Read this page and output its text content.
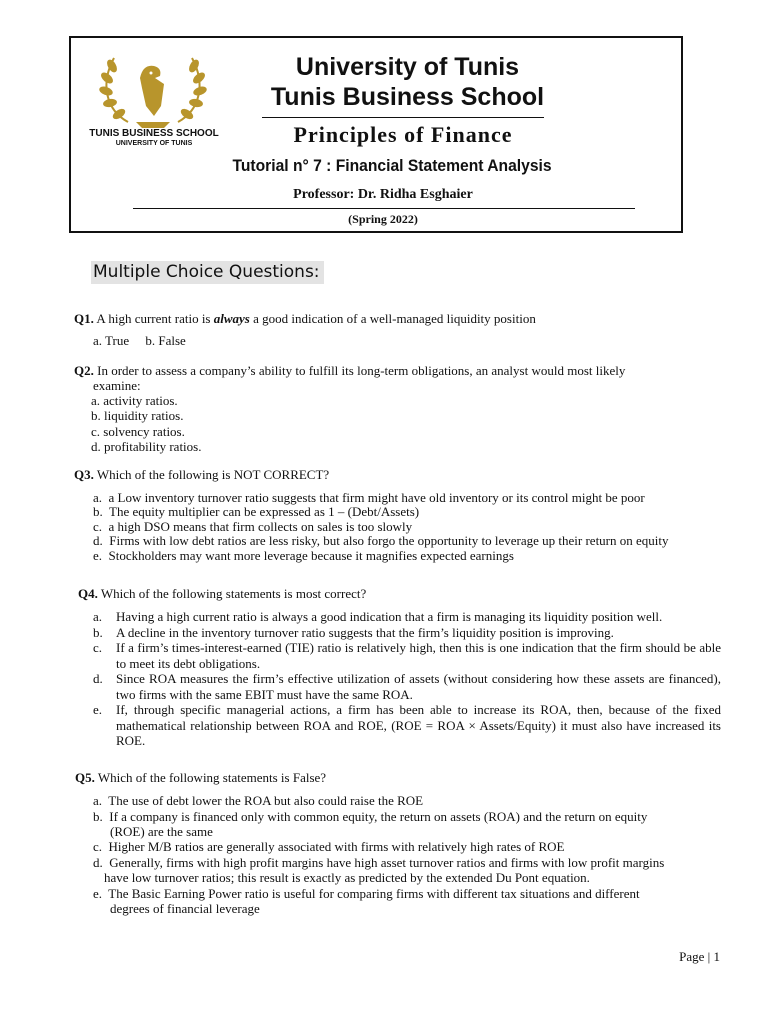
TUNIS BUSINESS SCHOOL
UNIVERSITY OF TUNIS
University of Tunis
Tunis Business School
Principles of Finance
Tutorial n° 7 : Financial Statement Analysis
Professor: Dr. Ridha Esghaier
(Spring 2022)
Multiple Choice Questions:
Q1. A high current ratio is always a good indication of a well-managed liquidity position
a. True     b. False
Q2. In order to assess a company’s ability to fulfill its long-term obligations, an analyst would most likely
examine:
a. activity ratios.
b. liquidity ratios.
c. solvency ratios.
d. profitability ratios.
Q3. Which of the following is NOT CORRECT?
a.  a Low inventory turnover ratio suggests that firm might have old inventory or its control might be poor
b.  The equity multiplier can be expressed as 1 – (Debt/Assets)
c.  a high DSO means that firm collects on sales is too slowly
d.  Firms with low debt ratios are less risky, but also forgo the opportunity to leverage up their return on equity
e.  Stockholders may want more leverage because it magnifies expected earnings
Q4. Which of the following statements is most correct?
a. Having a high current ratio is always a good indication that a firm is managing its liquidity position well.
b. A decline in the inventory turnover ratio suggests that the firm’s liquidity position is improving.
c. If a firm’s times-interest-earned (TIE) ratio is relatively high, then this is one indication that the firm should be able to meet its debt obligations.
d. Since ROA measures the firm’s effective utilization of assets (without considering how these assets are financed), two firms with the same EBIT must have the same ROA.
e. If, through specific managerial actions, a firm has been able to increase its ROA, then, because of the fixed mathematical relationship between ROA and ROE, (ROE = ROA × Assets/Equity) it must also have increased its ROE.
Q5. Which of the following statements is False?
a.  The use of debt lower the ROA but also could raise the ROE
b.  If a company is financed only with common equity, the return on assets (ROA) and the return on equity
(ROE) are the same
c.  Higher M/B ratios are generally associated with firms with relatively high rates of ROE
d.  Generally, firms with high profit margins have high asset turnover ratios and firms with low profit margins
have low turnover ratios; this result is exactly as predicted by the extended Du Pont equation.
e.  The Basic Earning Power ratio is useful for comparing firms with different tax situations and different
degrees of financial leverage
Page | 1
